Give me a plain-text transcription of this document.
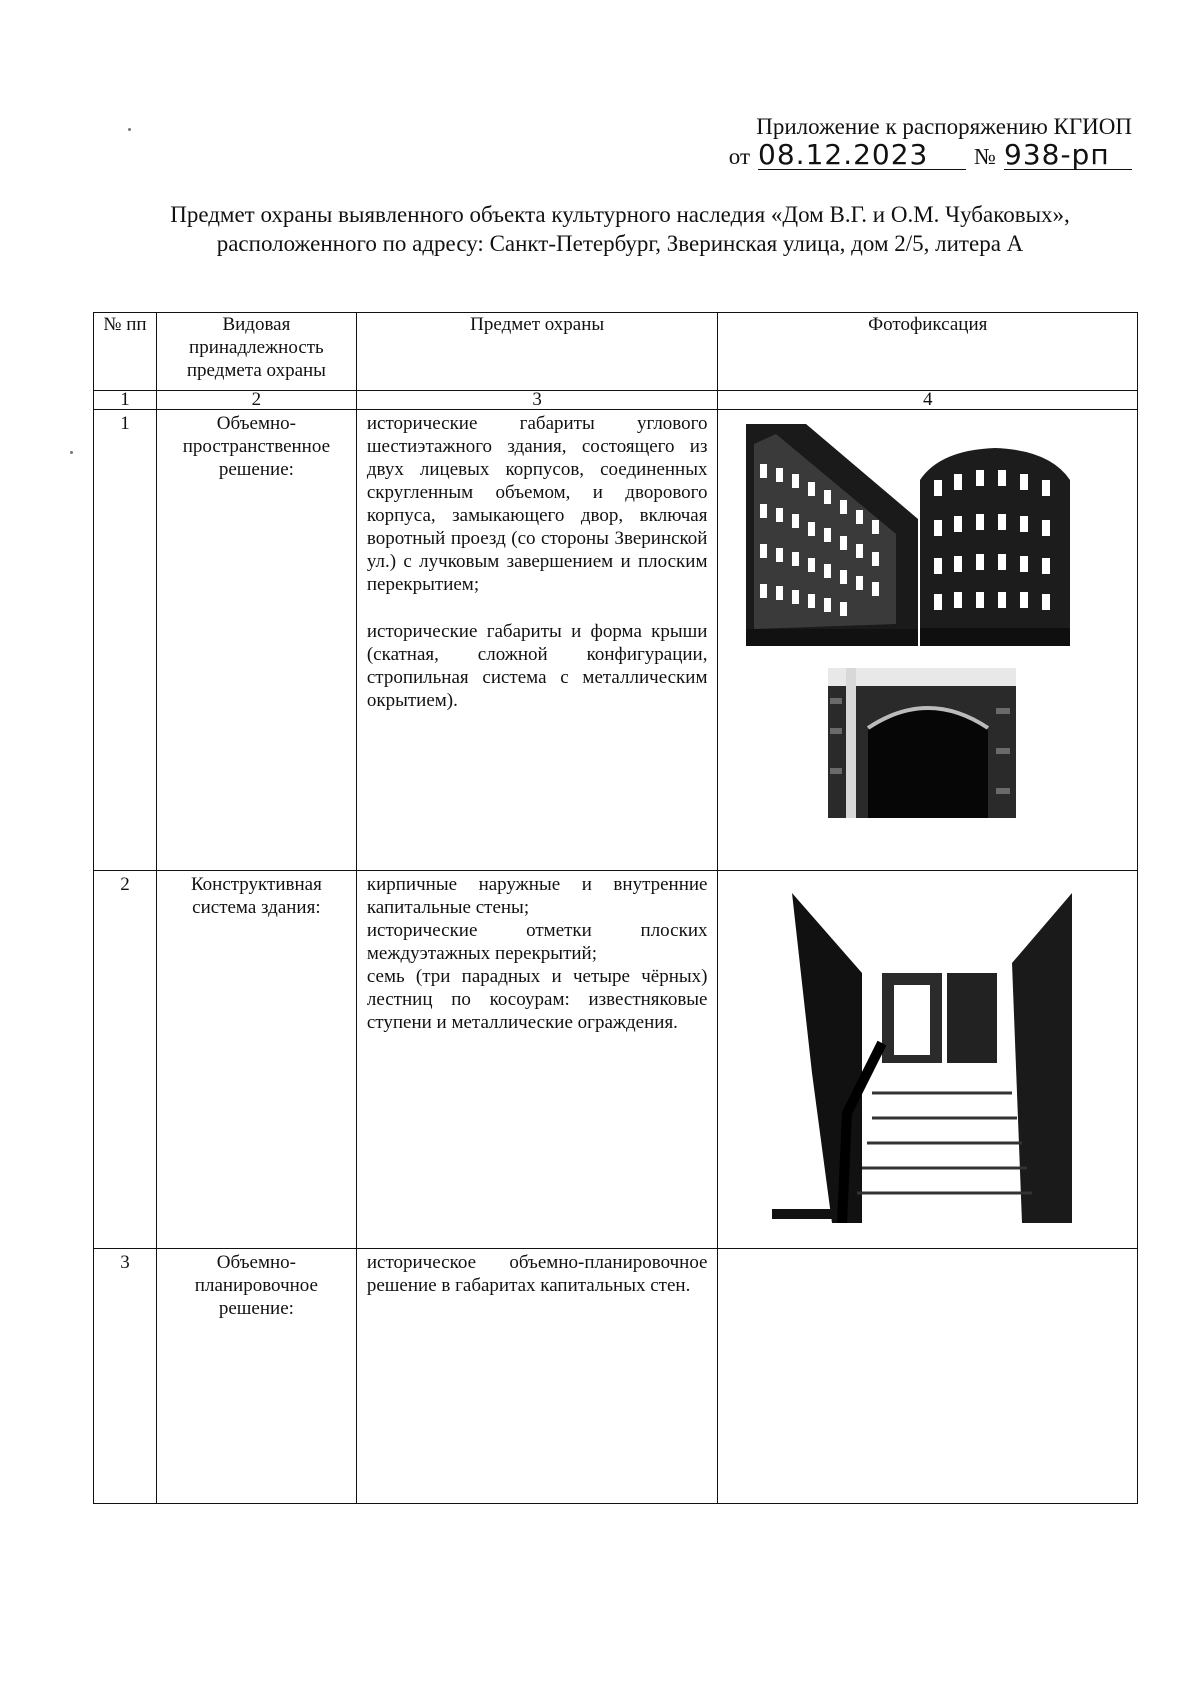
Приложение к распоряжению КГИОП
от 08.12.2023	№ 938-рп
Предмет охраны выявленного объекта культурного наследия «Дом В.Г. и О.М. Чубаковых»,
расположенного по адресу: Санкт-Петербург, Зверинская улица, дом 2/5, литера А
№ пп	Видовая принадлежность предмета охраны	Предмет охраны	Фотофиксация
1	2	3	4
1	Объемно-пространственное решение:	исторические габариты углового шестиэтажного здания, состоящего из двух лицевых корпусов, соединенных скругленным объемом, и дворового корпуса, замыкающего двор, включая воротный проезд (со стороны Зверинской ул.) с лучковым завершением и плоским перекрытием;

исторические габариты и форма крыши (скатная, сложной конфигурации, стропильная система с металлическим окрытием).

2	Конструктивная система здания:	кирпичные наружные и внутренние капитальные стены;
исторические отметки плоских междуэтажных перекрытий;
семь (три парадных и четыре чёрных) лестниц по косоурам: известняковые ступени и металлические ограждения.

3	Объемно-планировочное решение:	историческое объемно-планировочное решение в габаритах капитальных стен.	
